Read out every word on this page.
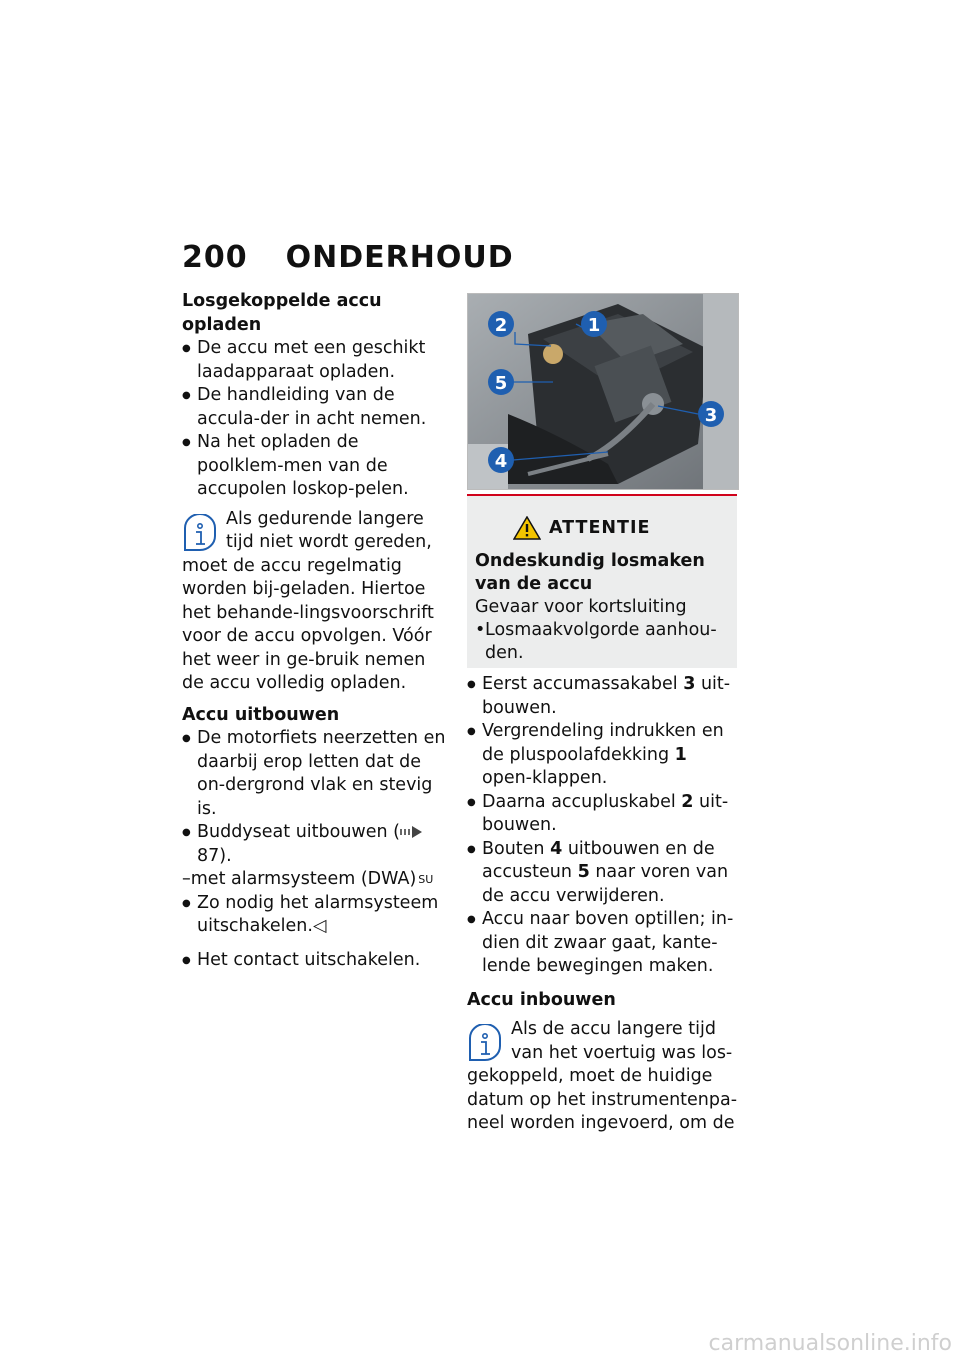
200 ONDERHOUD

Losgekoppelde accu opladen

● De accu met een geschikt laadapparaat opladen.

● De handleiding van de accula-der in acht nemen.

● Na het opladen de poolklem-men van de accupolen loskop-pelen.

Als gedurende langere tijd niet wordt gereden, moet de accu regelmatig worden bij-geladen. Hiertoe het behande-lingsvoorschrift voor de accu opvolgen. Vóór het weer in ge-bruik nemen de accu volledig opladen.

Accu uitbouwen

● De motorfiets neerzetten en daarbij erop letten dat de on-dergrond vlak en stevig is.

● Buddyseat uitbouwen ( 87).

–met alarmsysteem (DWA) $^{SU}$

● Zo nodig het alarmsysteem uitschakelen.◁

● Het contact uitschakelen.

1
2
3
4
5
ATTENTIE
Ondeskundig losmaken van de accu
Gevaar voor kortsluiting
• Losmaakvolgorde aanhou-den.

● Eerst accumassakabel 3 uit-bouwen.

● Vergrendeling indrukken en de pluspoolafdekking 1 open-klappen.

● Daarna accupluskabel 2 uit-bouwen.

● Bouten 4 uitbouwen en de accusteun 5 naar voren van de accu verwijderen.

● Accu naar boven optillen; in-dien dit zwaar gaat, kante-lende bewegingen maken.

Accu inbouwen

Als de accu langere tijd van het voertuig was los-gekoppeld, moet de huidige datum op het instrumentenpa-neel worden ingevoerd, om de
carmanualsonline.info
